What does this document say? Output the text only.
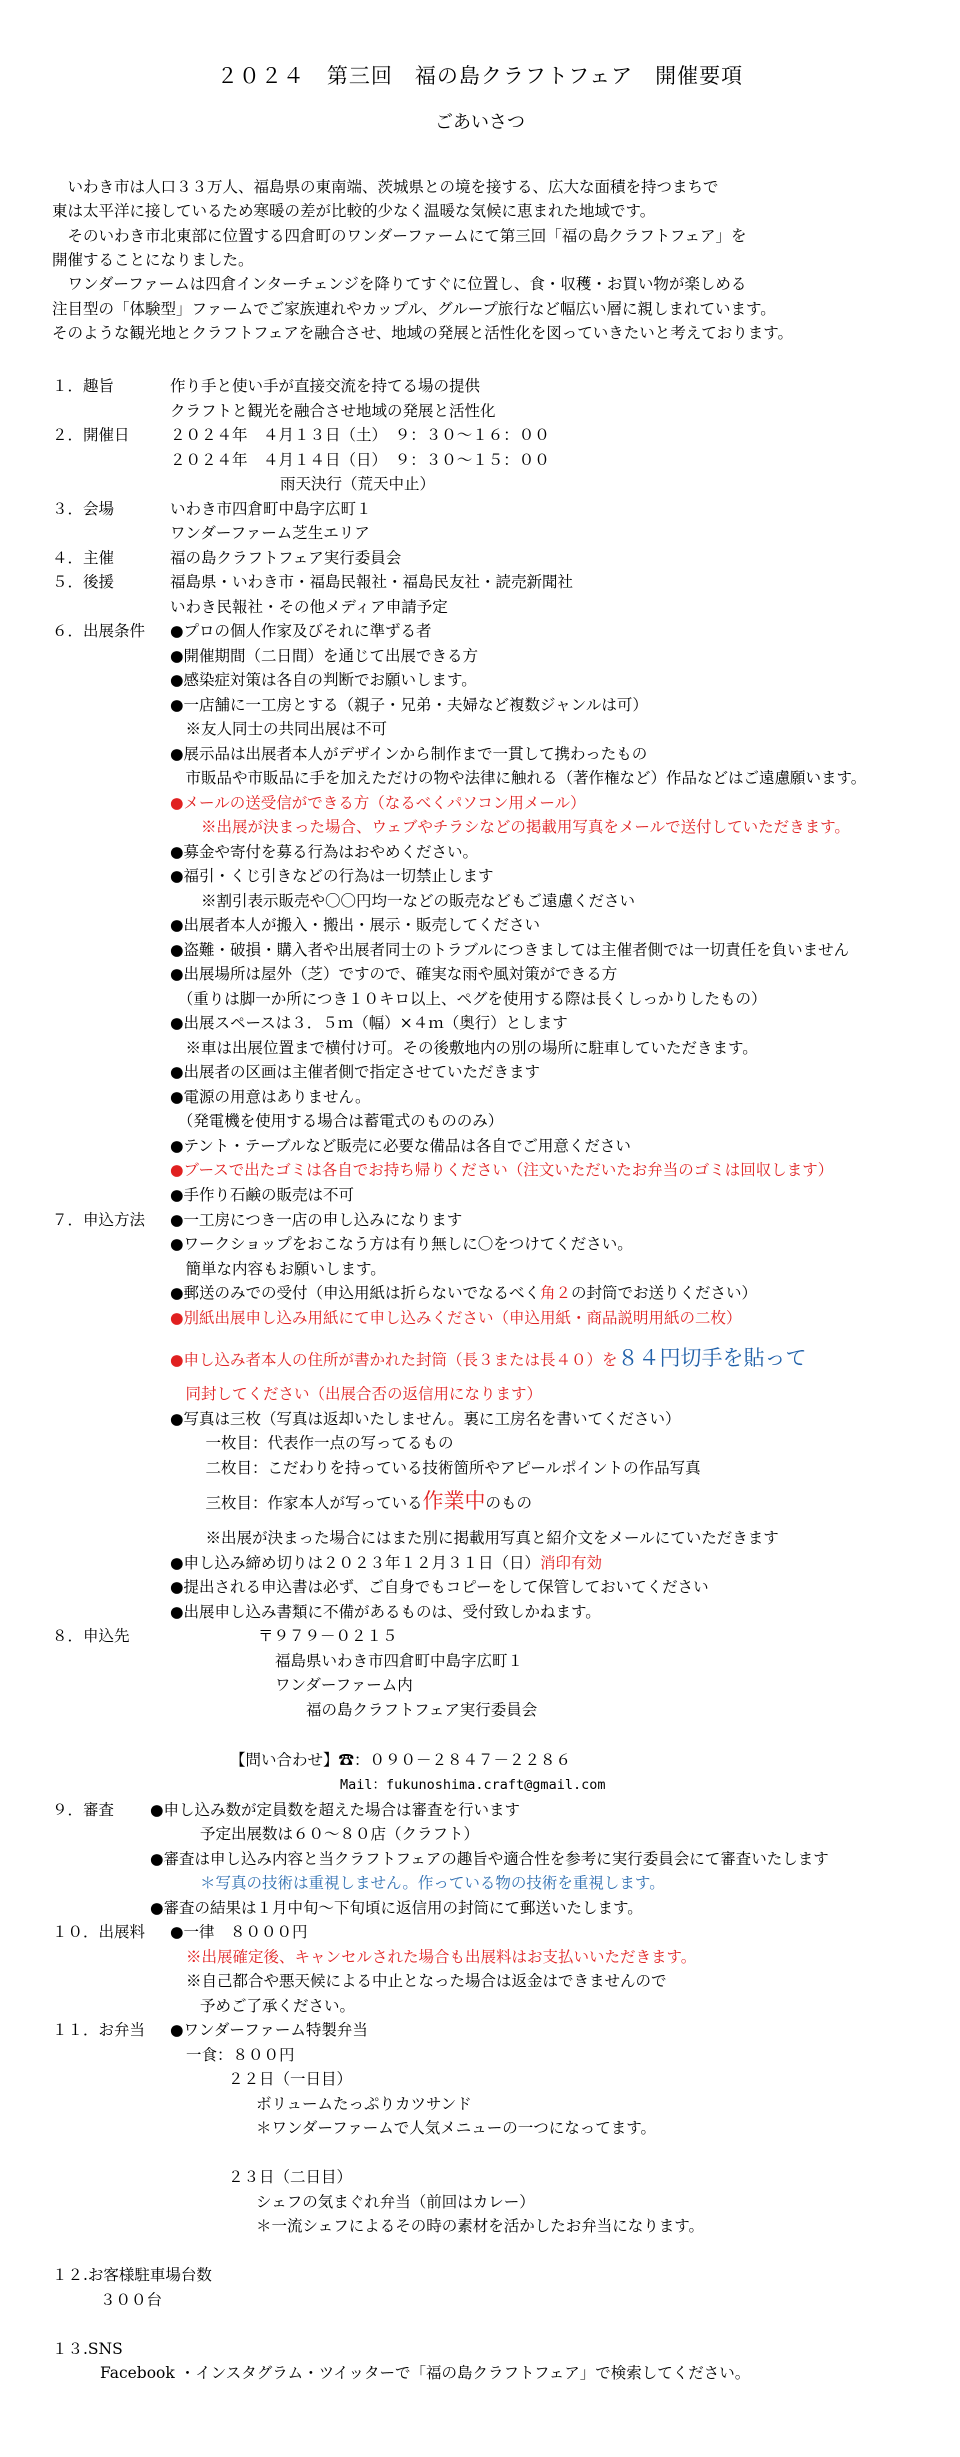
２０２４　第三回　福の島クラフトフェア　開催要項
ごあいさつ
　いわき市は人口３３万人、福島県の東南端、茨城県との境を接する、広大な面積を持つまちで
東は太平洋に接しているため寒暖の差が比較的少なく温暖な気候に恵まれた地域です。
　そのいわき市北東部に位置する四倉町のワンダーファームにて第三回「福の島クラフトフェア」を
開催することになりました。
　ワンダーファームは四倉インターチェンジを降りてすぐに位置し、食・収穫・お買い物が楽しめる
注目型の「体験型」ファームでご家族連れやカップル、グループ旅行など幅広い層に親しまれています。
そのような観光地とクラフトフェアを融合させ、地域の発展と活性化を図っていきたいと考えております。
１．趣旨	作り手と使い手が直接交流を持てる場の提供
クラフトと観光を融合させ地域の発展と活性化
２．開催日	２０２４年　４月１３日（土）　９：３０～１６：００
２０２４年　４月１４日（日）　９：３０～１５：００
雨天決行（荒天中止）
３．会場	いわき市四倉町中島字広町１
ワンダーファーム芝生エリア
４．主催	福の島クラフトフェア実行委員会
５．後援	福島県・いわき市・福島民報社・福島民友社・読売新聞社
いわき民報社・その他メディア申請予定
６．出展条件 ●プロの個人作家及びそれに準ずる者
●開催期間（二日間）を通じて出展できる方
●感染症対策は各自の判断でお願いします。
●一店舗に一工房とする（親子・兄弟・夫婦など複数ジャンルは可）
　※友人同士の共同出展は不可
●展示品は出展者本人がデザインから制作まで一貫して携わったもの
　市販品や市販品に手を加えただけの物や法律に触れる（著作権など）作品などはご遠慮願います。
●メールの送受信ができる方（なるべくパソコン用メール）
　　※出展が決まった場合、ウェブやチラシなどの掲載用写真をメールで送付していただきます。
●募金や寄付を募る行為はおやめください。
●福引・くじ引きなどの行為は一切禁止します
　　※割引表示販売や〇〇円均一などの販売などもご遠慮ください
●出展者本人が搬入・搬出・展示・販売してください
●盗難・破損・購入者や出展者同士のトラブルにつきましては主催者側では一切責任を負いません
●出展場所は屋外（芝）ですので、確実な雨や風対策ができる方
　（重りは脚一か所につき１０キロ以上、ペグを使用する際は長くしっかりしたもの）
●出展スペースは３．５ｍ（幅）×４ｍ（奥行）とします
　※車は出展位置まで横付け可。その後敷地内の別の場所に駐車していただきます。
●出展者の区画は主催者側で指定させていただきます
●電源の用意はありません。
　（発電機を使用する場合は蓄電式のもののみ）
●テント・テーブルなど販売に必要な備品は各自でご用意ください
●ブースで出たゴミは各自でお持ち帰りください（注文いただいたお弁当のゴミは回収します）
●手作り石鹸の販売は不可
７．申込方法 ●一工房につき一店の申し込みになります
●ワークショップをおこなう方は有り無しに〇をつけてください。
　簡単な内容もお願いします。
●郵送のみでの受付（申込用紙は折らないでなるべく角２の封筒でお送りください）
●別紙出展申し込み用紙にて申し込みください（申込用紙・商品説明用紙の二枚）
●申し込み者本人の住所が書かれた封筒（長３または長４０）を８４円切手を貼って
　同封してください（出展合否の返信用になります）
●写真は三枚（写真は返却いたしません。裏に工房名を書いてください）
　一枚目：代表作一点の写ってるもの
　二枚目：こだわりを持っている技術箇所やアピールポイントの作品写真
　三枚目：作家本人が写っている作業中のもの
　※出展が決まった場合にはまた別に掲載用写真と紹介文をメールにていただきます
●申し込み締め切りは２０２３年１２月３１日（日）消印有効
●提出される申込書は必ず、ご自身でもコピーをして保管しておいてください
●出展申し込み書類に不備があるものは、受付致しかねます。
８．申込先	〒９７９－０２１５
福島県いわき市四倉町中島字広町１
ワンダーファーム内
福の島クラフトフェア実行委員会
【問い合わせ】☎：０９０－２８４７－２２８６
Mail：fukunoshima.craft@gmail.com
９．審査 ●申し込み数が定員数を超えた場合は審査を行います
予定出展数は６０～８０店（クラフト）
●審査は申し込み内容と当クラフトフェアの趣旨や適合性を参考に実行委員会にて審査いたします
＊写真の技術は重視しません。作っている物の技術を重視します。
●審査の結果は１月中旬～下旬頃に返信用の封筒にて郵送いたします。
１０．出展料 ●一律　８０００円
※出展確定後、キャンセルされた場合も出展料はお支払いいただきます。
※自己都合や悪天候による中止となった場合は返金はできませんので
予めご了承ください。
１１．お弁当 ●ワンダーファーム特製弁当
一食：８００円
２２日（一日目）
ボリュームたっぷりカツサンド
＊ワンダーファームで人気メニューの一つになってます。
２３日（二日目）
シェフの気まぐれ弁当（前回はカレー）
＊一流シェフによるその時の素材を活かしたお弁当になります。
１２.お客様駐車場台数
３００台
１３.SNS
Facebook ・インスタグラム・ツイッターで「福の島クラフトフェア」で検索してください。
